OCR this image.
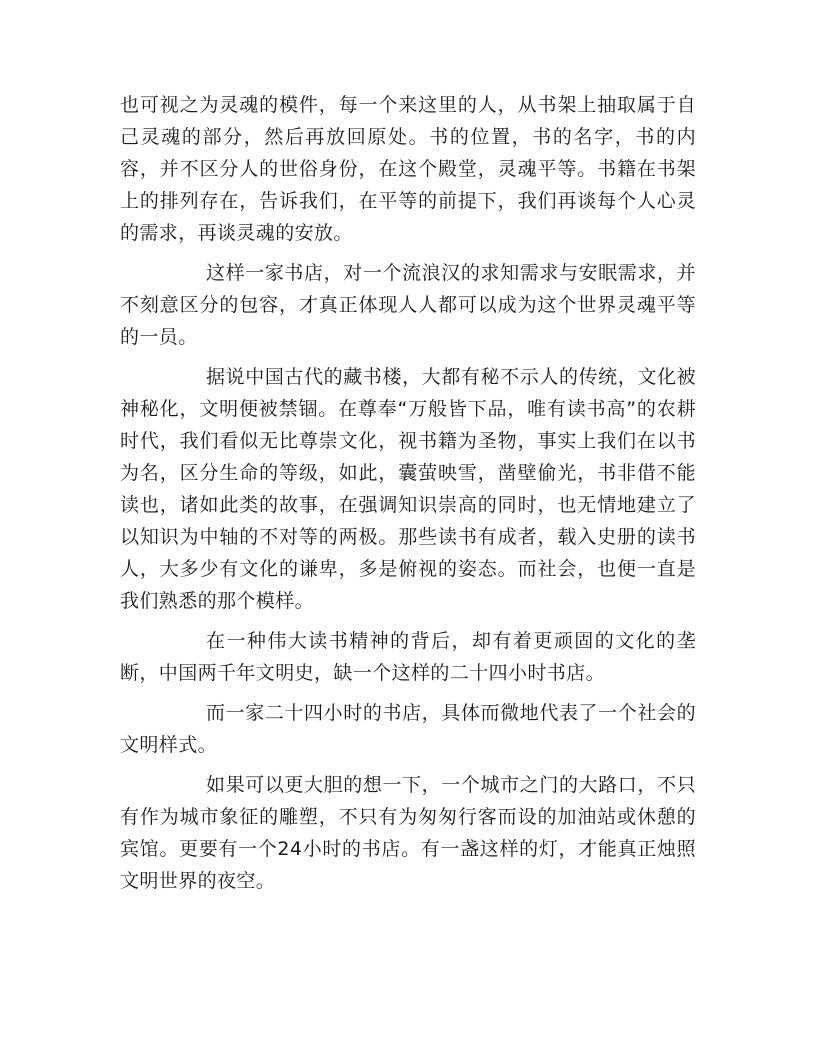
也可视之为灵魂的模件，每一个来这里的人，从书架上抽取属于自己灵魂的部分，然后再放回原处。书的位置，书的名字，书的内容，并不区分人的世俗身份，在这个殿堂，灵魂平等。书籍在书架上的排列存在，告诉我们，在平等的前提下，我们再谈每个人心灵的需求，再谈灵魂的安放。

这样一家书店，对一个流浪汉的求知需求与安眠需求，并不刻意区分的包容，才真正体现人人都可以成为这个世界灵魂平等的一员。

据说中国古代的藏书楼，大都有秘不示人的传统，文化被神秘化，文明便被禁锢。在尊奉“万般皆下品，唯有读书高”的农耕时代，我们看似无比尊崇文化，视书籍为圣物，事实上我们在以书为名，区分生命的等级，如此，囊萤映雪，凿壁偷光，书非借不能读也，诸如此类的故事，在强调知识崇高的同时，也无情地建立了以知识为中轴的不对等的两极。那些读书有成者，载入史册的读书人，大多少有文化的谦卑，多是俯视的姿态。而社会，也便一直是我们熟悉的那个模样。

在一种伟大读书精神的背后，却有着更顽固的文化的垄断，中国两千年文明史，缺一个这样的二十四小时书店。

而一家二十四小时的书店，具体而微地代表了一个社会的文明样式。

如果可以更大胆的想一下，一个城市之门的大路口，不只有作为城市象征的雕塑，不只有为匆匆行客而设的加油站或休憩的宾馆。更要有一个24小时的书店。有一盏这样的灯，才能真正烛照文明世界的夜空。
